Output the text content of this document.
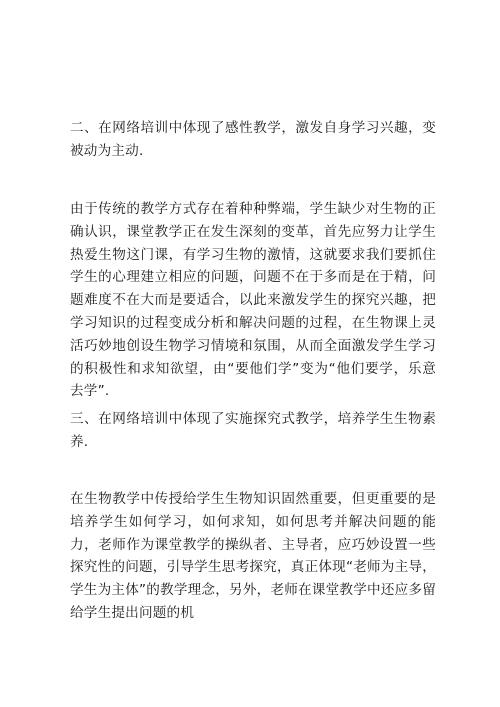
二、在网络培训中体现了感性教学，激发自身学习兴趣，变被动为主动.

由于传统的教学方式存在着种种弊端，学生缺少对生物的正确认识，课堂教学正在发生深刻的变革，首先应努力让学生热爱生物这门课，有学习生物的激情，这就要求我们要抓住学生的心理建立相应的问题，问题不在于多而是在于精，问题难度不在大而是要适合，以此来激发学生的探究兴趣，把学习知识的过程变成分析和解决问题的过程，在生物课上灵活巧妙地创设生物学习情境和氛围，从而全面激发学生学习的积极性和求知欲望，由“要他们学”变为“他们要学，乐意去学”.

三、在网络培训中体现了实施探究式教学，培养学生生物素养.

在生物教学中传授给学生生物知识固然重要，但更重要的是培养学生如何学习，如何求知，如何思考并解决问题的能力，老师作为课堂教学的操纵者、主导者，应巧妙设置一些探究性的问题，引导学生思考探究，真正体现“老师为主导，学生为主体”的教学理念，另外，老师在课堂教学中还应多留给学生提出问题的机
